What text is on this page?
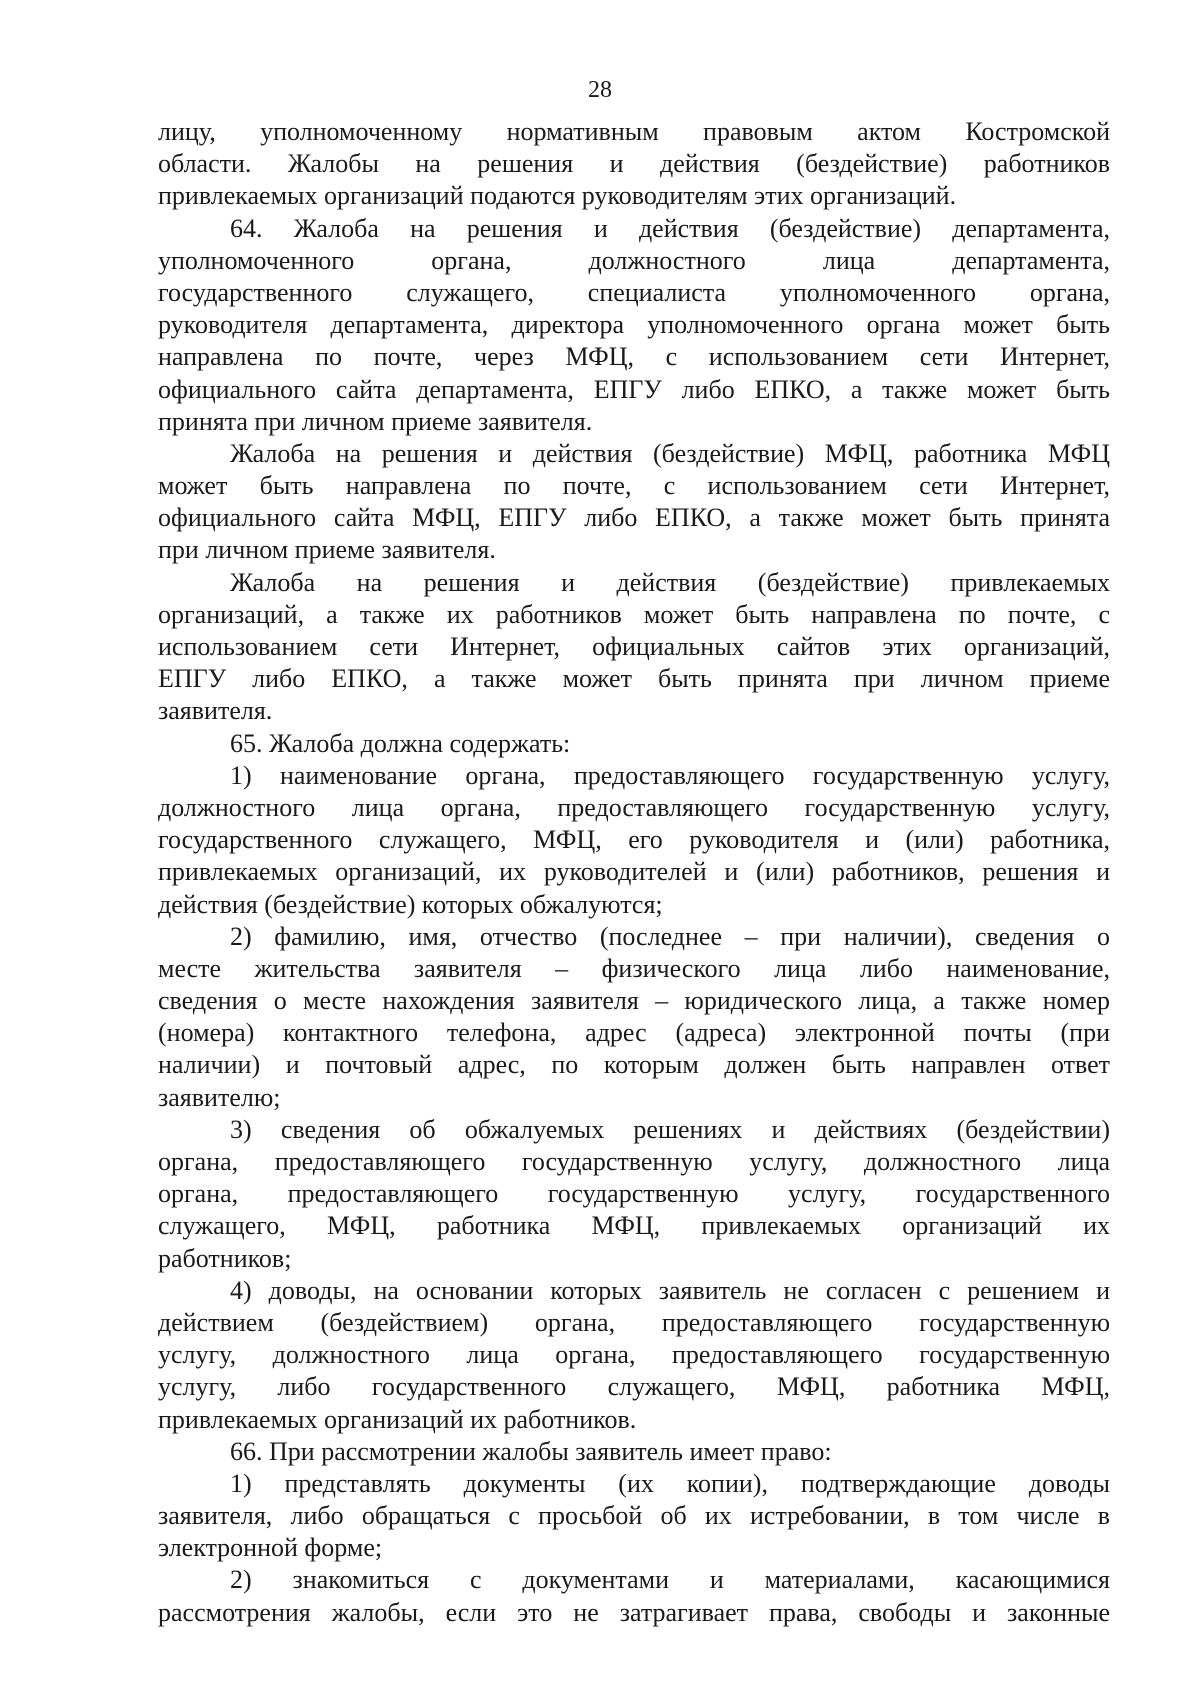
28
лицу, уполномоченному нормативным правовым актом Костромской
области. Жалобы на решения и действия (бездействие) работников
привлекаемых организаций подаются руководителям этих организаций.
64. Жалоба на решения и действия (бездействие) департамента,
уполномоченного органа, должностного лица департамента,
государственного служащего, специалиста уполномоченного органа,
руководителя департамента, директора уполномоченного органа может быть
направлена по почте, через МФЦ, с использованием сети Интернет,
официального сайта департамента, ЕПГУ либо ЕПКО, а также может быть
принята при личном приеме заявителя.
Жалоба на решения и действия (бездействие) МФЦ, работника МФЦ
может быть направлена по почте, с использованием сети Интернет,
официального сайта МФЦ, ЕПГУ либо ЕПКО, а также может быть принята
при личном приеме заявителя.
Жалоба на решения и действия (бездействие) привлекаемых
организаций, а также их работников может быть направлена по почте, с
использованием сети Интернет, официальных сайтов этих организаций,
ЕПГУ либо ЕПКО, а также может быть принята при личном приеме
заявителя.
65. Жалоба должна содержать:
1) наименование органа, предоставляющего государственную услугу,
должностного лица органа, предоставляющего государственную услугу,
государственного служащего, МФЦ, его руководителя и (или) работника,
привлекаемых организаций, их руководителей и (или) работников, решения и
действия (бездействие) которых обжалуются;
2) фамилию, имя, отчество (последнее – при наличии), сведения о
месте жительства заявителя – физического лица либо наименование,
сведения о месте нахождения заявителя – юридического лица, а также номер
(номера) контактного телефона, адрес (адреса) электронной почты (при
наличии) и почтовый адрес, по которым должен быть направлен ответ
заявителю;
3) сведения об обжалуемых решениях и действиях (бездействии)
органа, предоставляющего государственную услугу, должностного лица
органа, предоставляющего государственную услугу, государственного
служащего, МФЦ, работника МФЦ, привлекаемых организаций их
работников;
4) доводы, на основании которых заявитель не согласен с решением и
действием (бездействием) органа, предоставляющего государственную
услугу, должностного лица органа, предоставляющего государственную
услугу, либо государственного служащего, МФЦ, работника МФЦ,
привлекаемых организаций их работников.
66. При рассмотрении жалобы заявитель имеет право:
1) представлять документы (их копии), подтверждающие доводы
заявителя, либо обращаться с просьбой об их истребовании, в том числе в
электронной форме;
2) знакомиться с документами и материалами, касающимися
рассмотрения жалобы, если это не затрагивает права, свободы и законные
